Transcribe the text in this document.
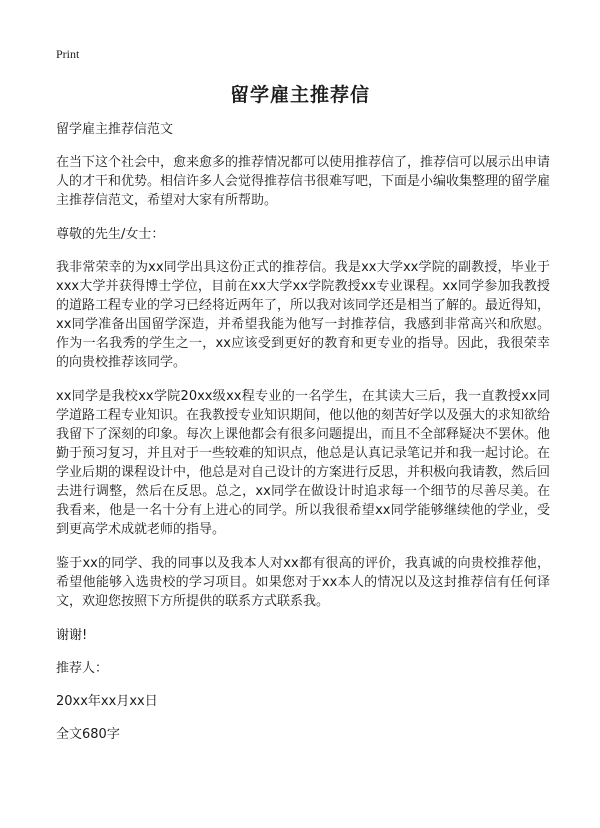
Print
留学雇主推荐信

留学雇主推荐信范文

在当下这个社会中，愈来愈多的推荐情况都可以使用推荐信了，推荐信可以展示出申请人的才干和优势。相信许多人会觉得推荐信书很难写吧，下面是小编收集整理的留学雇主推荐信范文，希望对大家有所帮助。

尊敬的先生/女士：

我非常荣幸的为xx同学出具这份正式的推荐信。我是xx大学xx学院的副教授，毕业于xxx大学并获得博士学位，目前在xx大学xx学院教授xx专业课程。xx同学参加我教授的道路工程专业的学习已经将近两年了，所以我对该同学还是相当了解的。最近得知，xx同学准备出国留学深造，并希望我能为他写一封推荐信，我感到非常高兴和欣慰。作为一名我秀的学生之一，xx应该受到更好的教育和更专业的指导。因此，我很荣幸的向贵校推荐该同学。

xx同学是我校xx学院20xx级xx程专业的一名学生，在其读大三后，我一直教授xx同学道路工程专业知识。在我教授专业知识期间，他以他的刻苦好学以及强大的求知欲给我留下了深刻的印象。每次上课他都会有很多问题提出，而且不全部释疑决不罢休。他勤于预习复习，并且对于一些较难的知识点，他总是认真记录笔记并和我一起讨论。在学业后期的课程设计中，他总是对自己设计的方案进行反思，并积极向我请教，然后回去进行调整，然后在反思。总之，xx同学在做设计时追求每一个细节的尽善尽美。在我看来，他是一名十分有上进心的同学。所以我很希望xx同学能够继续他的学业，受到更高学术成就老师的指导。

鉴于xx的同学、我的同事以及我本人对xx都有很高的评价，我真诚的向贵校推荐他，希望他能够入选贵校的学习项目。如果您对于xx本人的情况以及这封推荐信有任何译文，欢迎您按照下方所提供的联系方式联系我。

谢谢!

推荐人：

20xx年xx月xx日

全文680字
